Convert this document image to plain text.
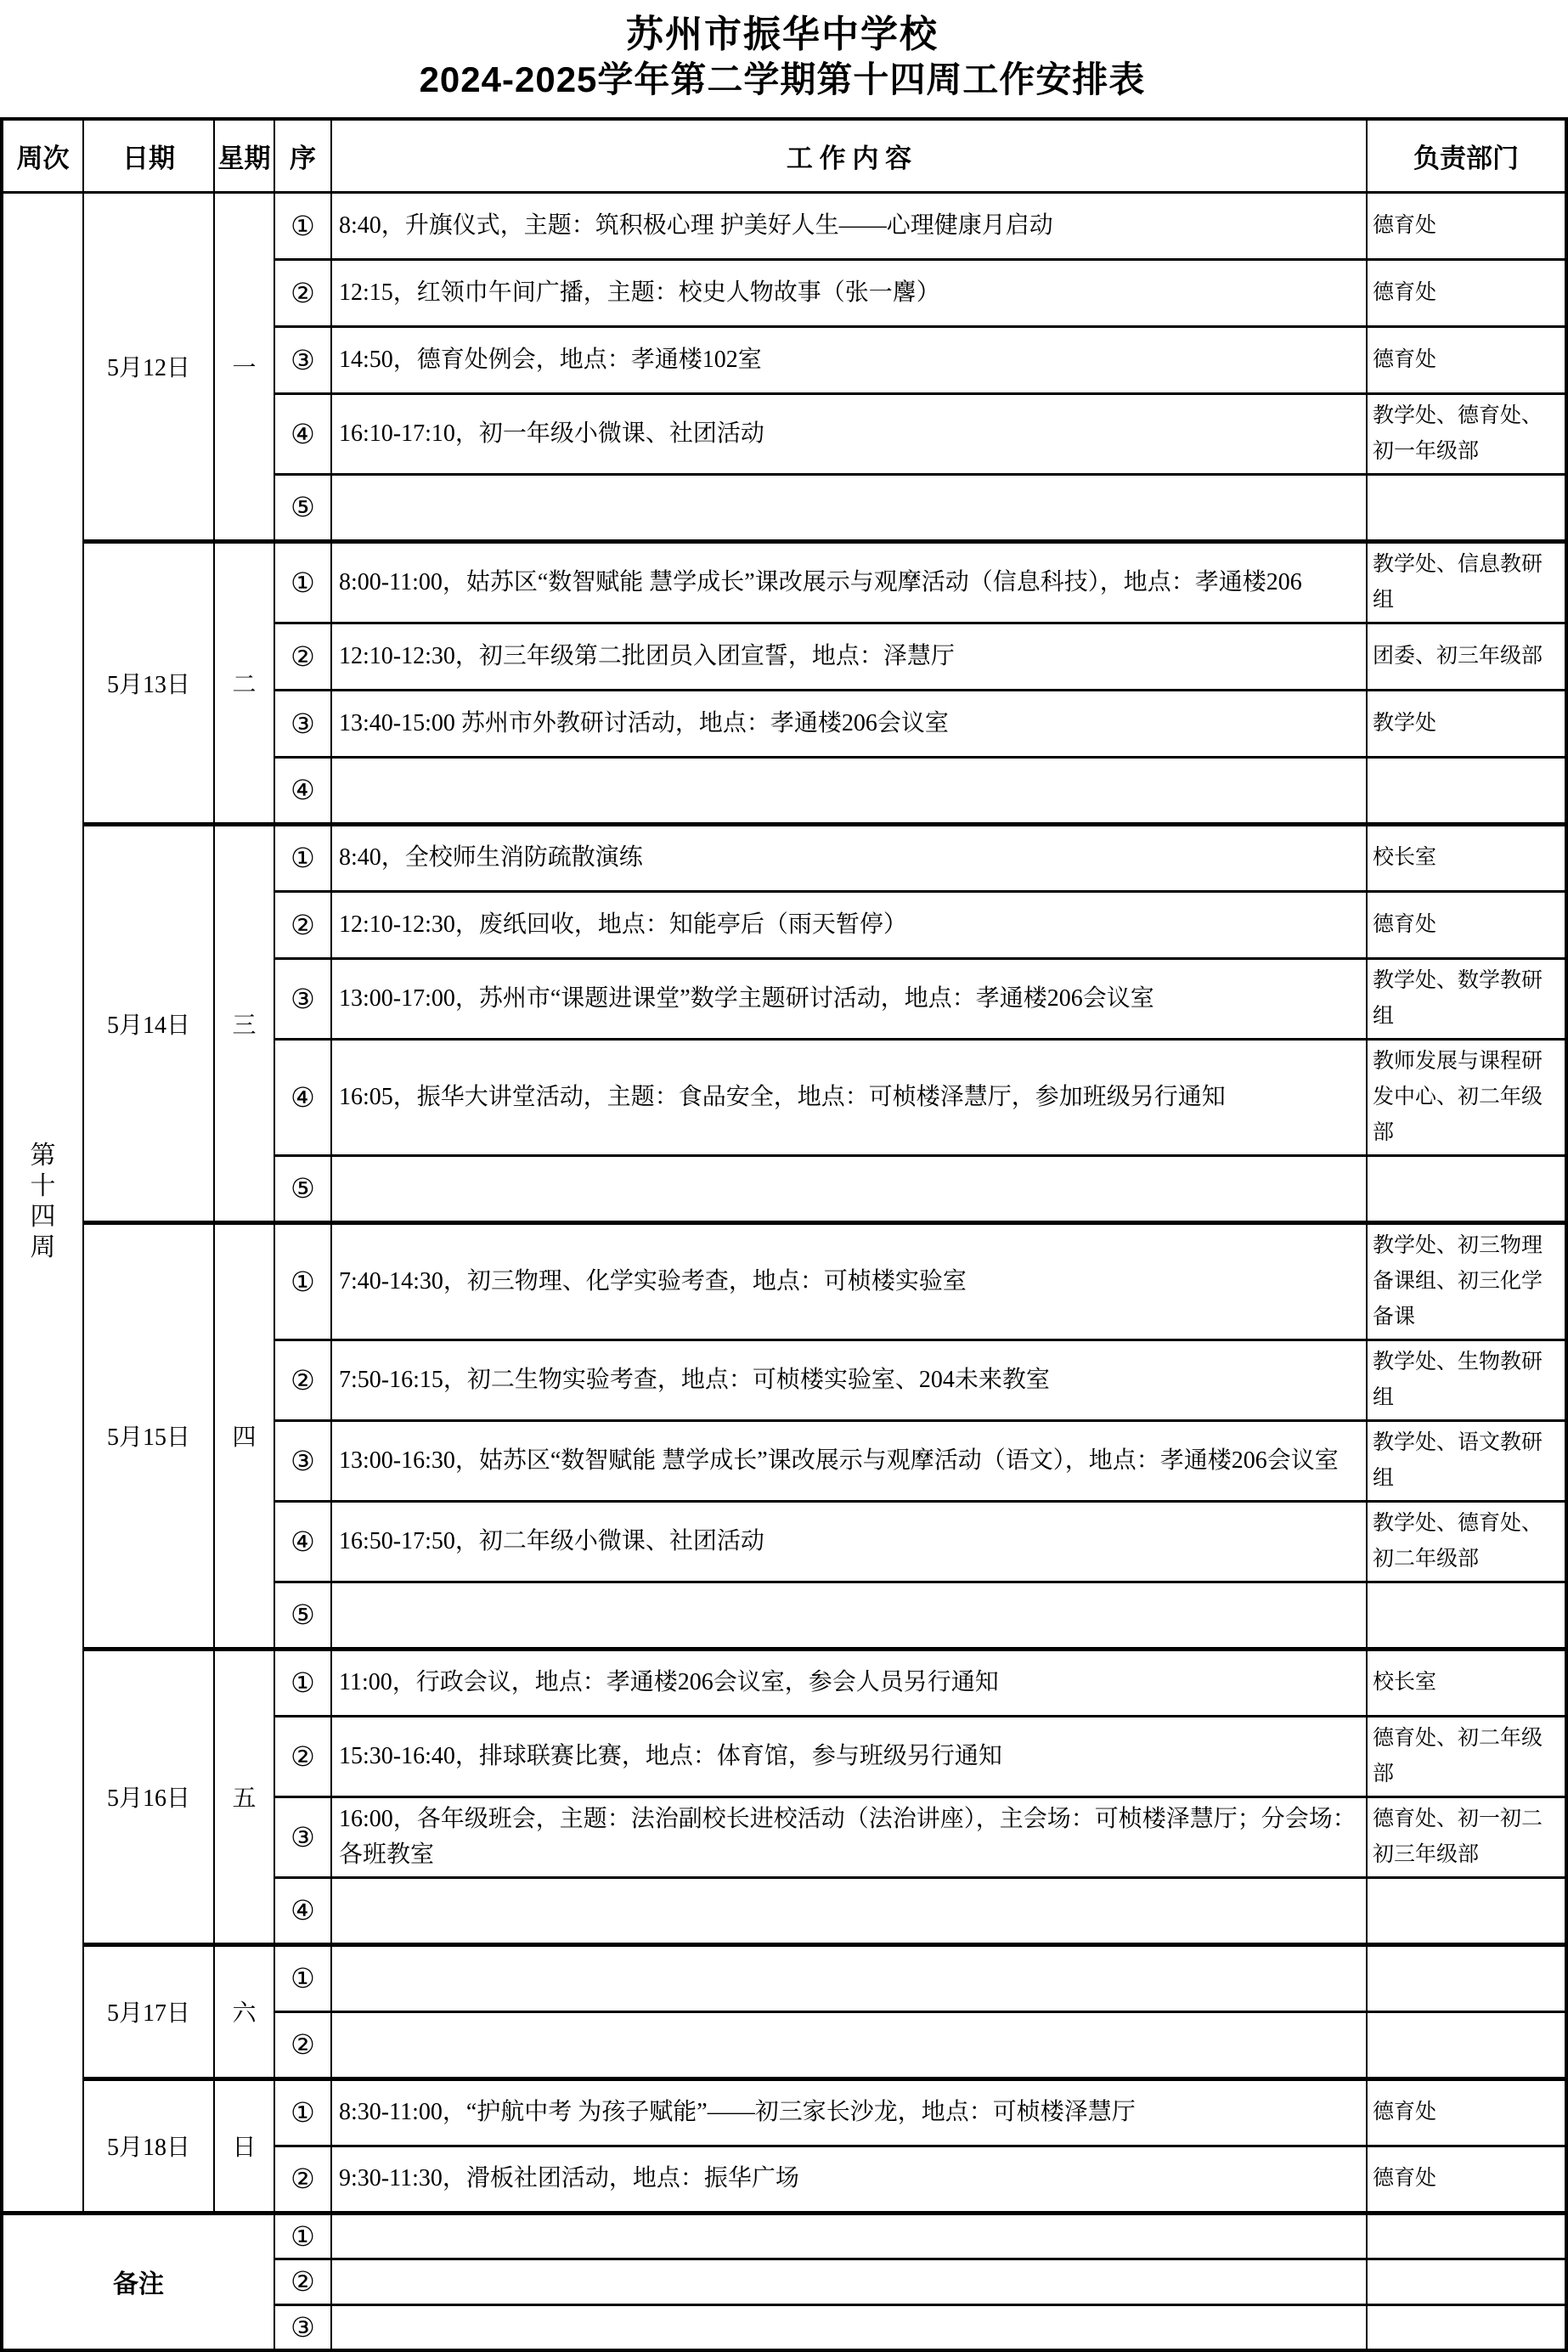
苏州市振华中学校
2024-2025学年第二学期第十四周工作安排表
周次	日期	星期	序	工 作 内 容	负责部门

第十四周	5月12日	一	①	8:40，升旗仪式，主题：筑积极心理 护美好人生——心理健康月启动	德育处
			②	12:15，红领巾午间广播，主题：校史人物故事（张一麐）	德育处
			③	14:50，德育处例会，地点：孝通楼102室	德育处
			④	16:10-17:10，初一年级小微课、社团活动	教学处、德育处、初一年级部
			⑤		
	5月13日	二	①	8:00-11:00，姑苏区“数智赋能 慧学成长”课改展示与观摩活动（信息科技），地点：孝通楼206	教学处、信息教研组
			②	12:10-12:30，初三年级第二批团员入团宣誓，地点：泽慧厅	团委、初三年级部
			③	13:40-15:00 苏州市外教研讨活动，地点：孝通楼206会议室	教学处
			④		
	5月14日	三	①	8:40，全校师生消防疏散演练	校长室
			②	12:10-12:30，废纸回收，地点：知能亭后（雨天暂停）	德育处
			③	13:00-17:00，苏州市“课题进课堂”数学主题研讨活动，地点：孝通楼206会议室	教学处、数学教研组
			④	16:05，振华大讲堂活动，主题：食品安全，地点：可桢楼泽慧厅，参加班级另行通知	教师发展与课程研发中心、初二年级部
			⑤		
	5月15日	四	①	7:40-14:30，初三物理、化学实验考查，地点：可桢楼实验室	教学处、初三物理备课组、初三化学备课
			②	7:50-16:15，初二生物实验考查，地点：可桢楼实验室、204未来教室	教学处、生物教研组
			③	13:00-16:30，姑苏区“数智赋能 慧学成长”课改展示与观摩活动（语文），地点：孝通楼206会议室	教学处、语文教研组
			④	16:50-17:50，初二年级小微课、社团活动	教学处、德育处、初二年级部
			⑤		
	5月16日	五	①	11:00，行政会议，地点：孝通楼206会议室，参会人员另行通知	校长室
			②	15:30-16:40，排球联赛比赛，地点：体育馆，参与班级另行通知	德育处、初二年级部
			③	16:00，各年级班会，主题：法治副校长进校活动（法治讲座），主会场：可桢楼泽慧厅；分会场：各班教室	德育处、初一初二初三年级部
			④		
	5月17日	六	①		
			②		
	5月18日	日	①	8:30-11:00，“护航中考 为孩子赋能”——初三家长沙龙，地点：可桢楼泽慧厅	德育处
			②	9:30-11:30，滑板社团活动，地点：振华广场	德育处
备注			①		
			②		
			③		
